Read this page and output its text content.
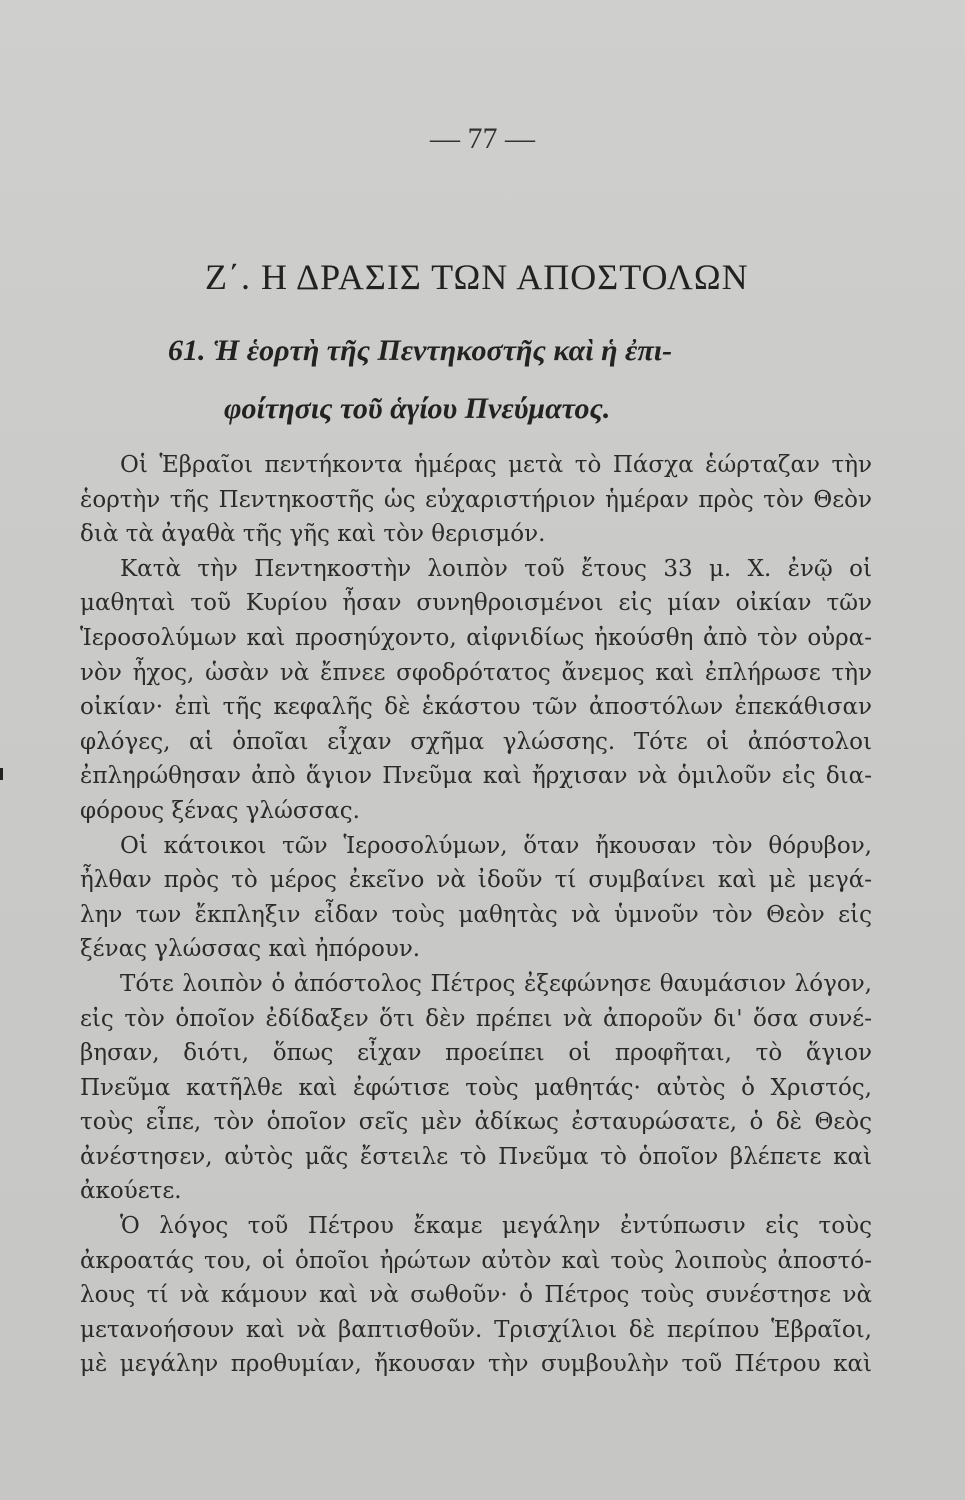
— 77 —
Ζ΄. Η ΔΡΑΣΙΣ ΤΩΝ ΑΠΟΣΤΟΛΩΝ
61. Ἡ ἑορτὴ τῆς Πεντηκοστῆς καὶ ἡ ἐπι-
φοίτησις τοῦ ἁγίου Πνεύματος.
Οἱ Ἑβραῖοι πεντήκοντα ἡμέρας μετὰ τὸ Πάσχα ἑώρταζαν τὴν
ἑορτὴν τῆς Πεντηκοστῆς ὡς εὐχαριστήριον ἡμέραν πρὸς τὸν Θεὸν
διὰ τὰ ἀγαθὰ τῆς γῆς καὶ τὸν θερισμόν.
Κατὰ τὴν Πεντηκοστὴν λοιπὸν τοῦ ἔτους 33 μ. Χ. ἐνῷ οἱ
μαθηταὶ τοῦ Κυρίου ἦσαν συνηθροισμένοι εἰς μίαν οἰκίαν τῶν
Ἱεροσολύμων καὶ προσηύχοντο, αἰφνιδίως ἠκούσθη ἀπὸ τὸν οὐρα-
νὸν ἦχος, ὡσὰν νὰ ἔπνεε σφοδρότατος ἄνεμος καὶ ἐπλήρωσε τὴν
οἰκίαν· ἐπὶ τῆς κεφαλῆς δὲ ἑκάστου τῶν ἀποστόλων ἐπεκάθισαν
φλόγες, αἱ ὁποῖαι εἶχαν σχῆμα γλώσσης. Τότε οἱ ἀπόστολοι
ἐπληρώθησαν ἀπὸ ἅγιον Πνεῦμα καὶ ἤρχισαν νὰ ὁμιλοῦν εἰς δια-
φόρους ξένας γλώσσας.
Οἱ κάτοικοι τῶν Ἱεροσολύμων, ὅταν ἤκουσαν τὸν θόρυβον,
ἦλθαν πρὸς τὸ μέρος ἐκεῖνο νὰ ἰδοῦν τί συμβαίνει καὶ μὲ μεγά-
λην των ἔκπληξιν εἶδαν τοὺς μαθητὰς νὰ ὑμνοῦν τὸν Θεὸν εἰς
ξένας γλώσσας καὶ ἠπόρουν.
Τότε λοιπὸν ὁ ἀπόστολος Πέτρος ἐξεφώνησε θαυμάσιον λόγον,
εἰς τὸν ὁποῖον ἐδίδαξεν ὅτι δὲν πρέπει νὰ ἀποροῦν δι' ὅσα συνέ-
βησαν, διότι, ὅπως εἶχαν προείπει οἱ προφῆται, τὸ ἅγιον
Πνεῦμα κατῆλθε καὶ ἐφώτισε τοὺς μαθητάς· αὐτὸς ὁ Χριστός,
τοὺς εἶπε, τὸν ὁποῖον σεῖς μὲν ἀδίκως ἐσταυρώσατε, ὁ δὲ Θεὸς
ἀνέστησεν, αὐτὸς μᾶς ἔστειλε τὸ Πνεῦμα τὸ ὁποῖον βλέπετε καὶ
ἀκούετε.
Ὁ λόγος τοῦ Πέτρου ἔκαμε μεγάλην ἐντύπωσιν εἰς τοὺς
ἀκροατάς του, οἱ ὁποῖοι ἠρώτων αὐτὸν καὶ τοὺς λοιποὺς ἀποστό-
λους τί νὰ κάμουν καὶ νὰ σωθοῦν· ὁ Πέτρος τοὺς συνέστησε νὰ
μετανοήσουν καὶ νὰ βαπτισθοῦν. Τρισχίλιοι δὲ περίπου Ἑβραῖοι,
μὲ μεγάλην προθυμίαν, ἤκουσαν τὴν συμβουλὴν τοῦ Πέτρου καὶ
